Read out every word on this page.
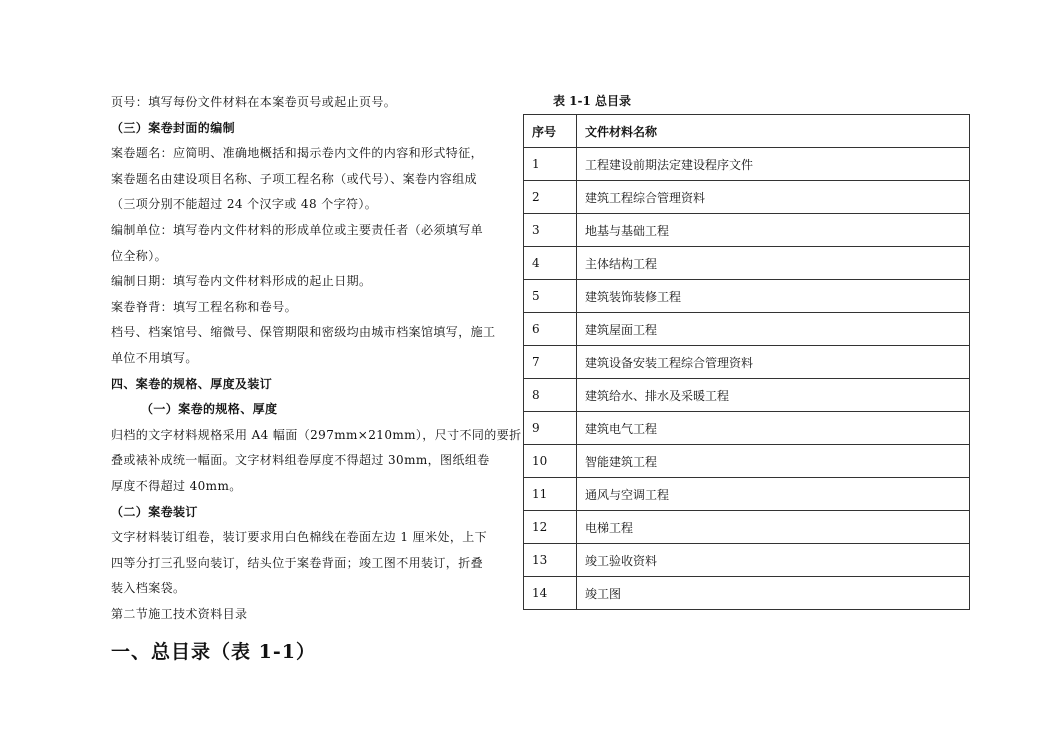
页号：填写每份文件材料在本案卷页号或起止页号。
（三）案卷封面的编制
案卷题名：应简明、准确地概括和揭示卷内文件的内容和形式特征，
案卷题名由建设项目名称、子项工程名称（或代号）、案卷内容组成
（三项分别不能超过 24 个汉字或 48 个字符）。
编制单位：填写卷内文件材料的形成单位或主要责任者（必须填写单
位全称）。
编制日期：填写卷内文件材料形成的起止日期。
案卷脊背：填写工程名称和卷号。
档号、档案馆号、缩微号、保管期限和密级均由城市档案馆填写，施工
单位不用填写。
四、案卷的规格、厚度及装订
（一）案卷的规格、厚度
归档的文字材料规格采用 A4 幅面（297mm×210mm），尺寸不同的要折
叠或裱补成统一幅面。文字材料组卷厚度不得超过 30mm，图纸组卷
厚度不得超过 40mm。
（二）案卷装订
文字材料装订组卷，装订要求用白色棉线在卷面左边 1 厘米处，上下
四等分打三孔竖向装订，结头位于案卷背面；竣工图不用装订，折叠
装入档案袋。
第二节施工技术资料目录
一、总目录（表 1-1）
表 1-1 总目录
序号	文件材料名称
1	工程建设前期法定建设程序文件
2	建筑工程综合管理资料
3	地基与基础工程
4	主体结构工程
5	建筑装饰装修工程
6	建筑屋面工程
7	建筑设备安装工程综合管理资料
8	建筑给水、排水及采暖工程
9	建筑电气工程
10	智能建筑工程
11	通风与空调工程
12	电梯工程
13	竣工验收资料
14	竣工图
